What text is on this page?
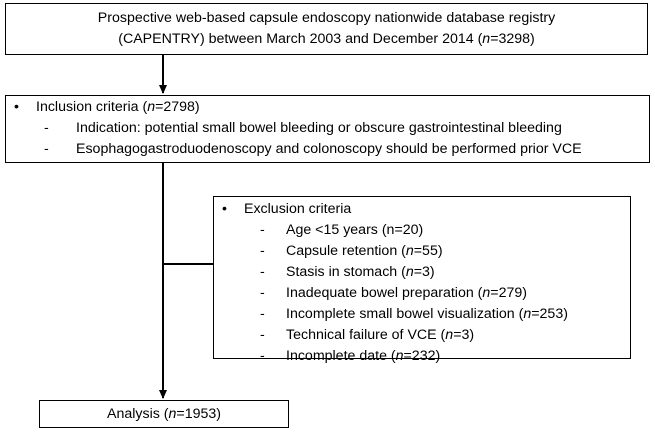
Prospective web-based capsule endoscopy nationwide database registry
(CAPENTRY) between March 2003 and December 2014 (n=3298)
•	Inclusion criteria (n=2798)
-	Indication: potential small bowel bleeding or obscure gastrointestinal bleeding
-	Esophagogastroduodenoscopy and colonoscopy should be performed prior VCE
•	Exclusion criteria
-	Age <15 years (n=20)
-	Capsule retention (n=55)
-	Stasis in stomach (n=3)
-	Inadequate bowel preparation (n=279)
-	Incomplete small bowel visualization (n=253)
-	Technical failure of VCE (n=3)
-	Incomplete date (n=232)
Analysis (n=1953)
